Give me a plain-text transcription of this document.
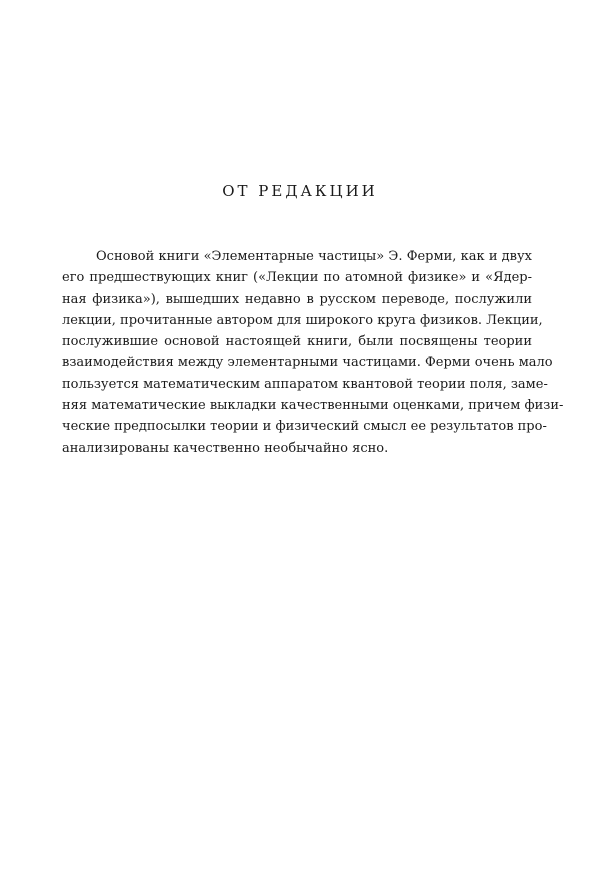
ОТ РЕДАКЦИИ
Основой книги «Элементарные частицы» Э. Ферми, как и двух
его предшествующих книг («Лекции по атомной физике» и «Ядер-
ная физика»), вышедших недавно в русском переводе, послужили
лекции, прочитанные автором для широкого круга физиков. Лекции,
послужившие основой настоящей книги, были посвящены теории
взаимодействия между элементарными частицами. Ферми очень мало
пользуется математическим аппаратом квантовой теории поля, заме-
няя математические выкладки качественными оценками, причем физи-
ческие предпосылки теории и физический смысл ее результатов про-
анализированы качественно необычайно ясно.
